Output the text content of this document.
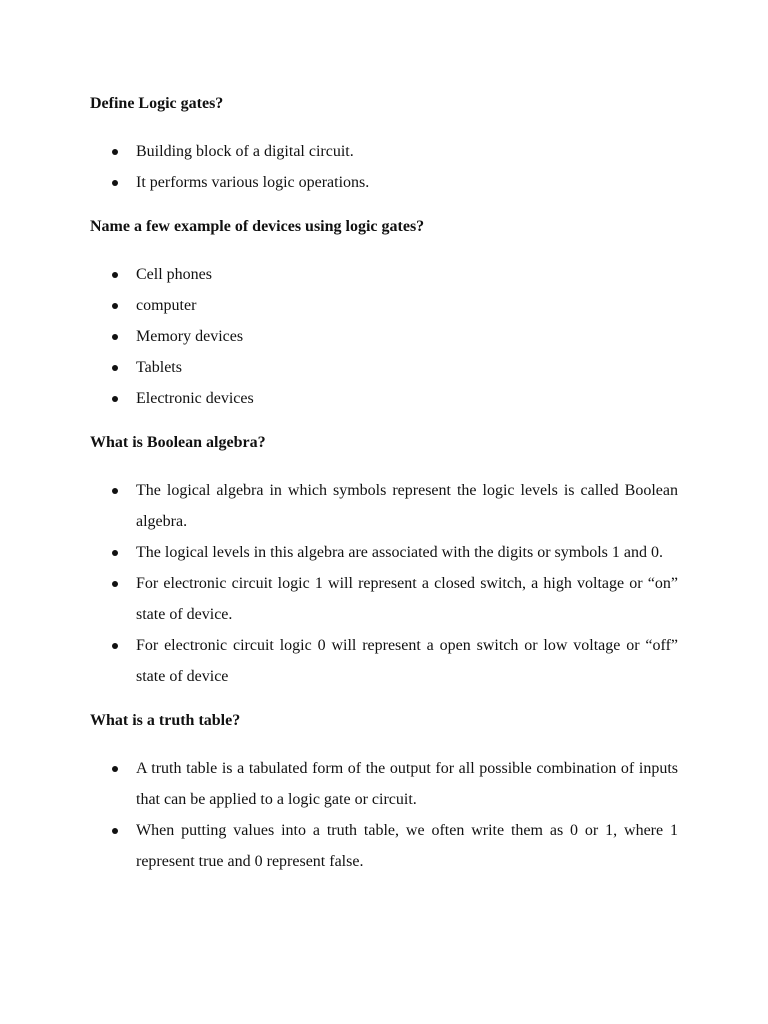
Define Logic gates?
Building block of a digital circuit.
It performs various logic operations.
Name a few example of devices using logic gates?
Cell phones
computer
Memory devices
Tablets
Electronic devices
What is Boolean algebra?
The logical algebra in which symbols represent the logic levels is called Boolean algebra.
The logical levels in this algebra are associated with the digits or symbols 1 and 0.
For electronic circuit logic 1 will represent a closed switch, a high voltage or “on” state of device.
For electronic circuit logic 0 will represent a open switch or low voltage or “off” state of device
What is a truth table?
A truth table is a tabulated form of the output for all possible combination of inputs that can be applied to a logic gate or circuit.
When putting values into a truth table, we often write them as 0 or 1, where 1 represent true and 0 represent false.
